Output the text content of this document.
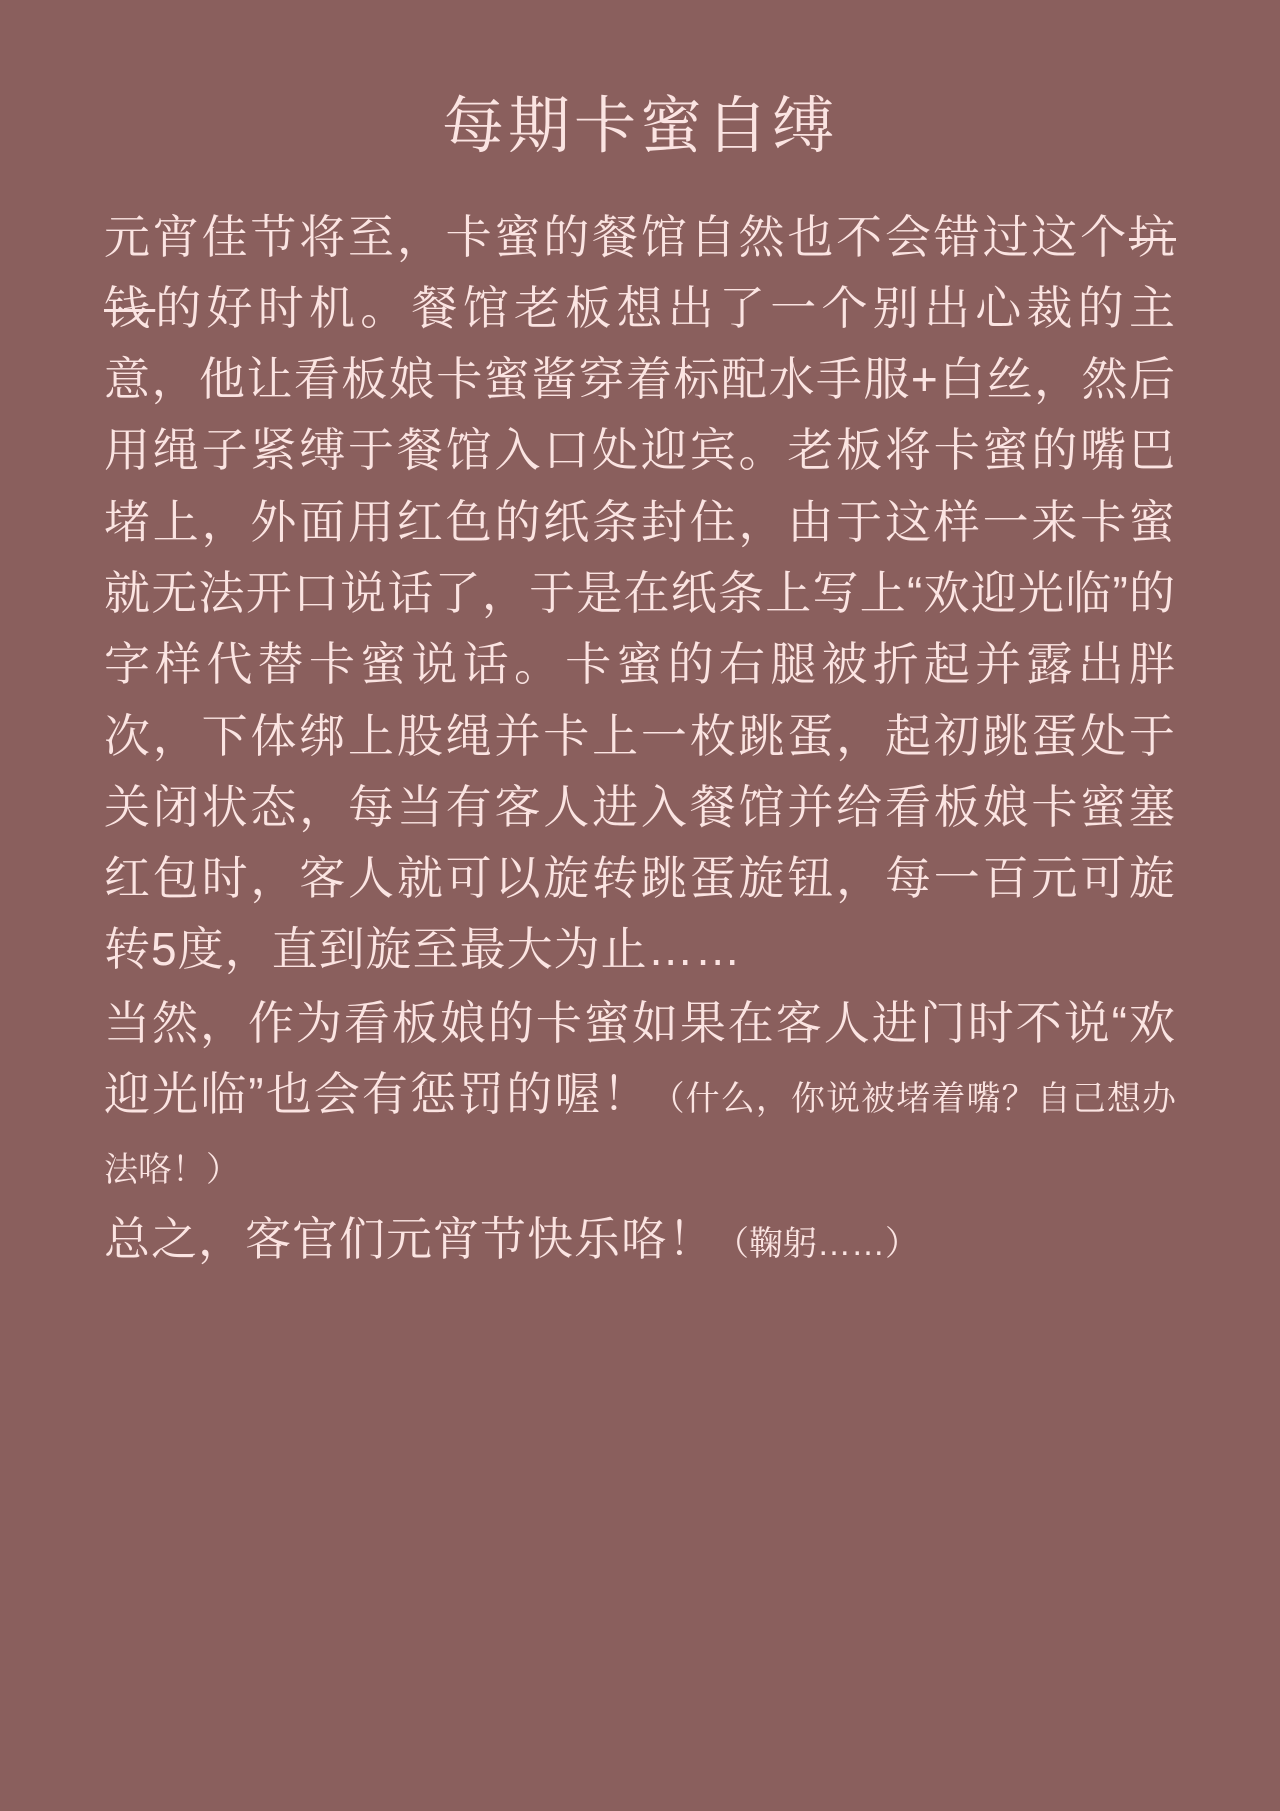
每期卡蜜自缚

元宵佳节将至，卡蜜的餐馆自然也不会错过这个坑钱的好时机。餐馆老板想出了一个别出心裁的主意，他让看板娘卡蜜酱穿着标配水手服+白丝，然后用绳子紧缚于餐馆入口处迎宾。老板将卡蜜的嘴巴堵上，外面用红色的纸条封住，由于这样一来卡蜜就无法开口说话了，于是在纸条上写上“欢迎光临”的字样代替卡蜜说话。卡蜜的右腿被折起并露出胖次，下体绑上股绳并卡上一枚跳蛋，起初跳蛋处于关闭状态，每当有客人进入餐馆并给看板娘卡蜜塞红包时，客人就可以旋转跳蛋旋钮，每一百元可旋转5度，直到旋至最大为止……

当然，作为看板娘的卡蜜如果在客人进门时不说“欢迎光临”也会有惩罚的喔！（什么，你说被堵着嘴？自己想办法咯！）

总之，客官们元宵节快乐咯！（鞠躬……）
